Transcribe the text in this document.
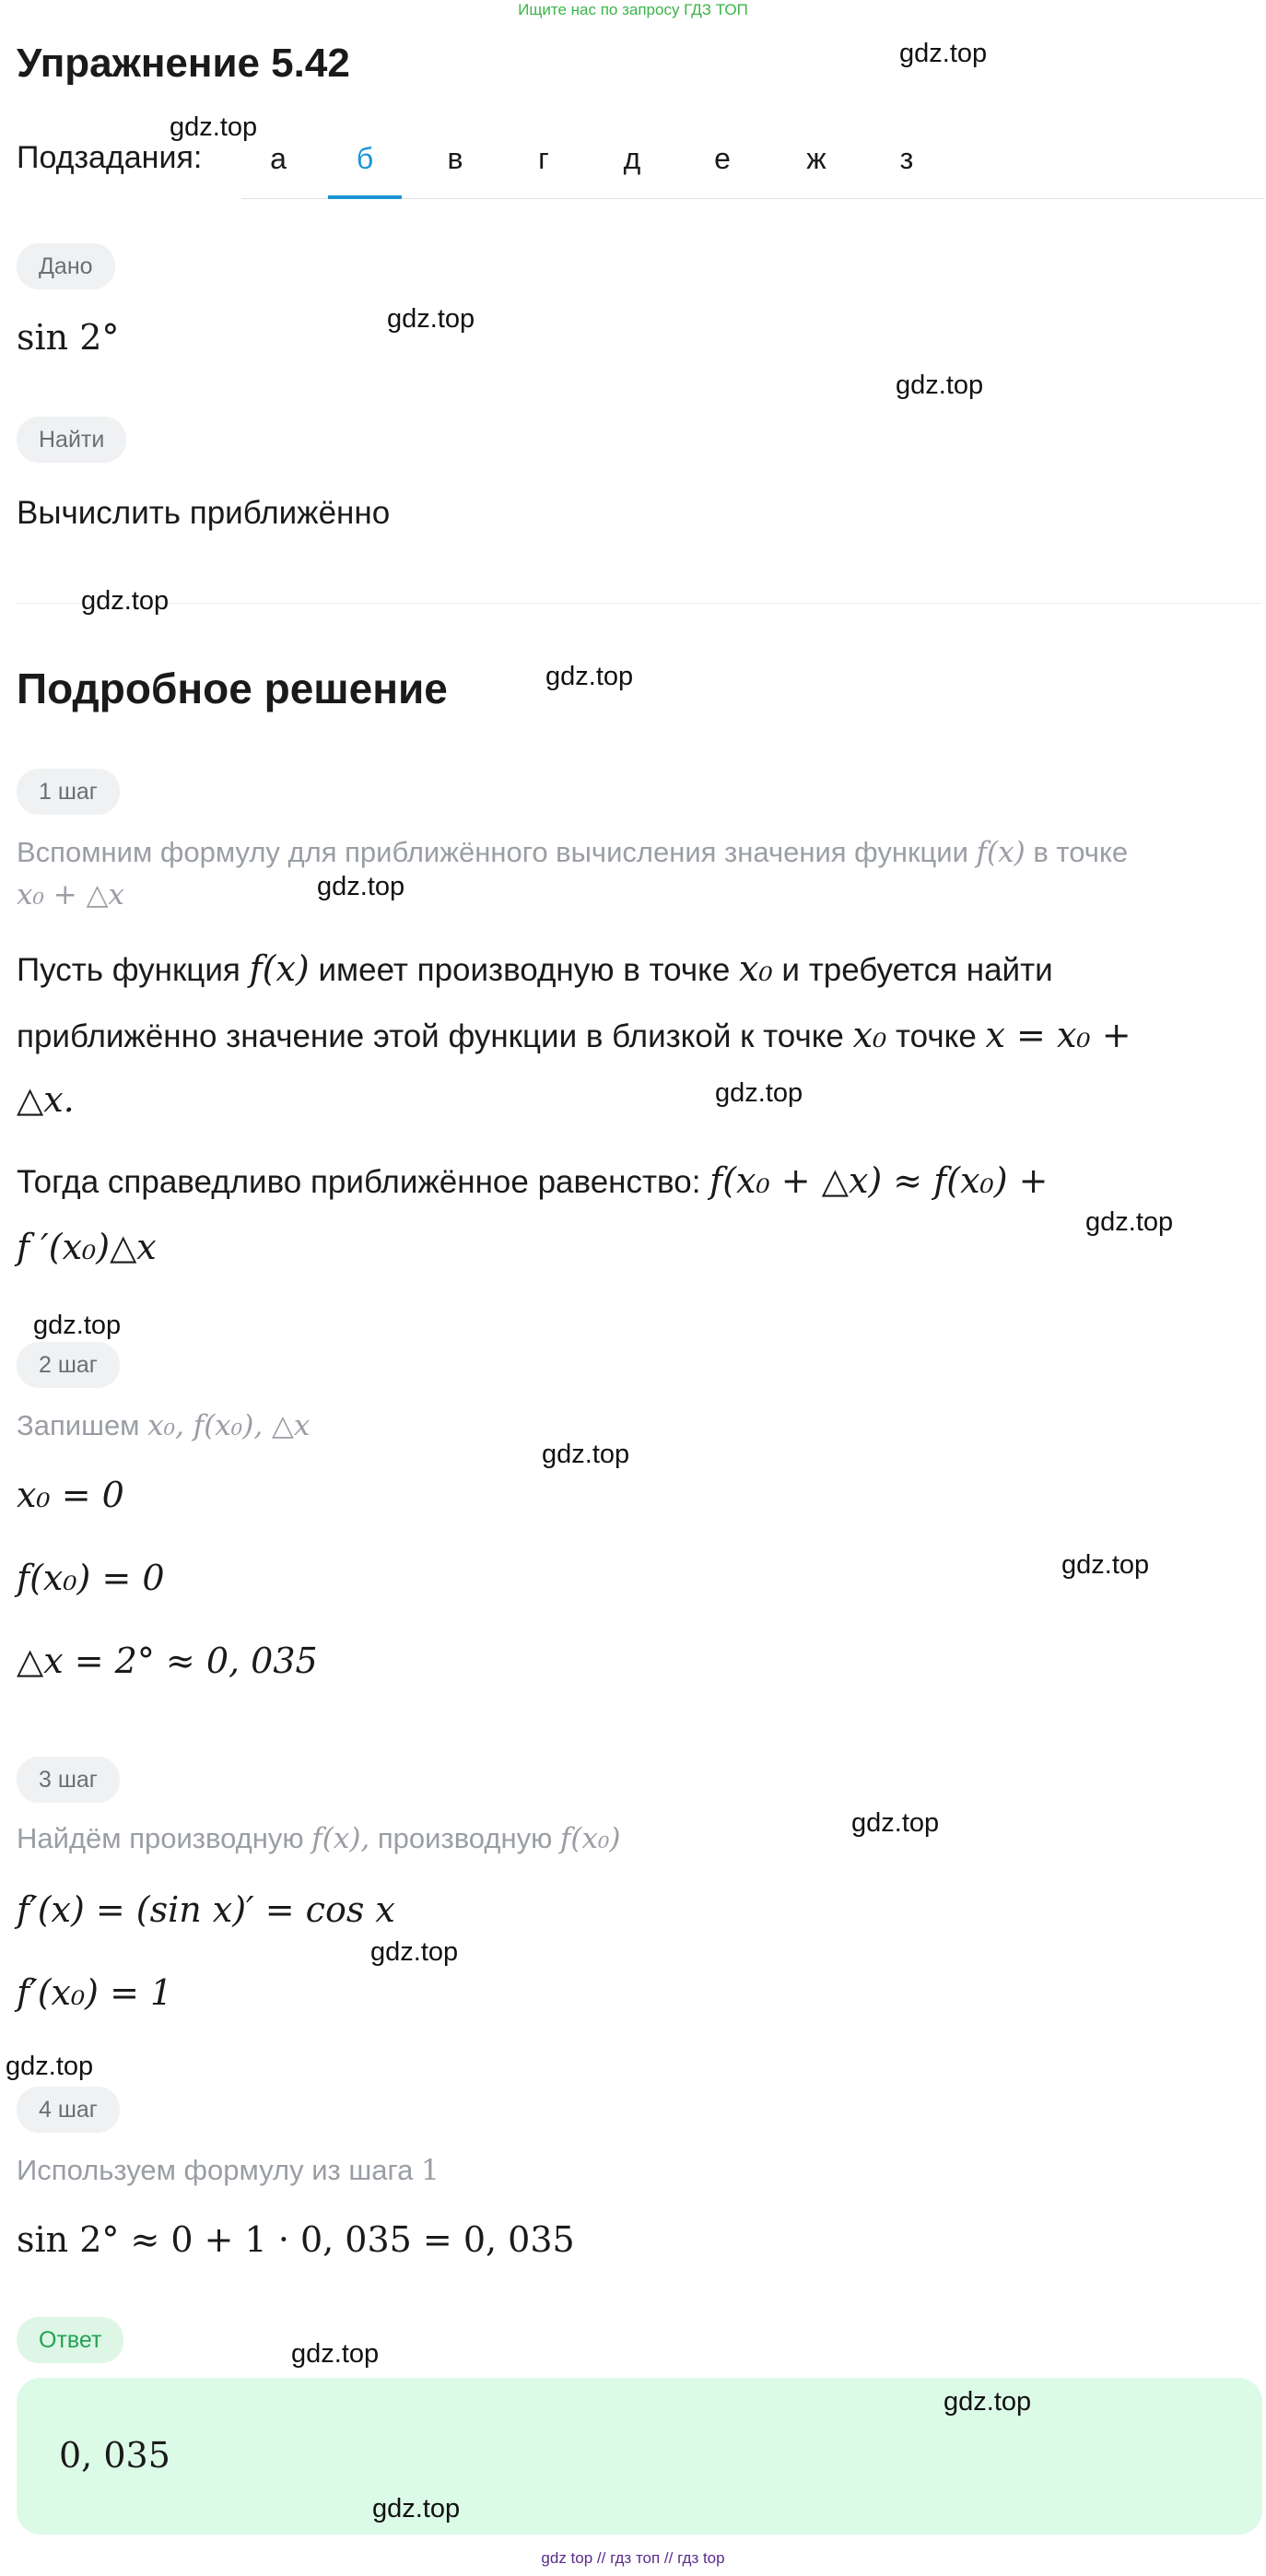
Ищите нас по запросу ГДЗ ТОП
Упражнение 5.42
Подзадания:	а	б	в	г	д	е	ж	з
Дано
sin 2°
Найти
Вычислить приближённо
Подробное решение
1 шаг
Вспомним формулу для приближённого вычисления значения функции f(x) в точке
x₀ + △x
Пусть функция f(x) имеет производную в точке x₀ и требуется найти
приближённо значение этой функции в близкой к точке x₀ точке x = x₀ +
△x.
Тогда справедливо приближённое равенство: f(x₀ + △x) ≈ f(x₀) +
f ′(x₀)△x
2 шаг
Запишем x₀, f(x₀), △x
x₀ = 0
f(x₀) = 0
△x = 2° ≈ 0, 035
3 шаг
Найдём производную f(x), производную f(x₀)
f′(x) = (sin x)′ = cos x
f′(x₀) = 1
4 шаг
Используем формулу из шага 1
sin 2° ≈ 0 + 1 · 0, 035 = 0, 035
Ответ
0, 035
gdz.top
gdz.top
gdz.top
gdz.top
gdz.top
gdz.top
gdz.top
gdz.top
gdz.top
gdz.top
gdz.top
gdz.top
gdz.top
gdz.top
gdz.top
gdz.top
gdz.top
gdz.top
gdz top // гдз топ // гдз top
